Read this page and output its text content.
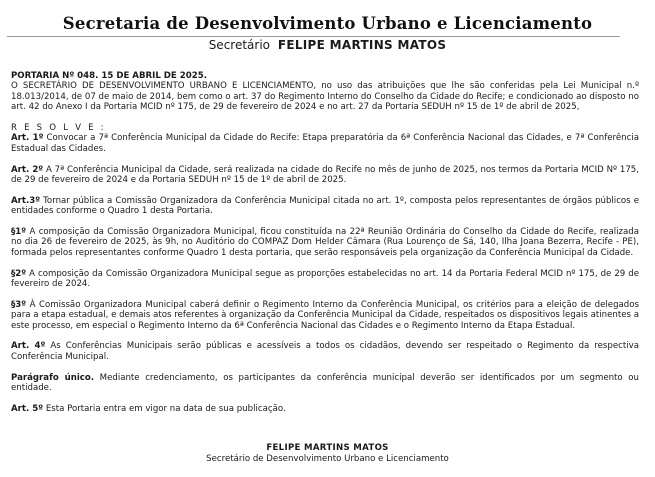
Secretaria de Desenvolvimento Urbano e Licenciamento
Secretário FELIPE MARTINS MATOS

PORTARIA Nº 048. 15 DE ABRIL DE 2025.

O SECRETÁRIO DE DESENVOLVIMENTO URBANO E LICENCIAMENTO, no uso das atribuições que lhe são conferidas pela Lei Municipal n.º 18.013/2014, de 07 de maio de 2014, bem como o art. 37 do Regimento Interno do Conselho da Cidade do Recife; e condicionado ao disposto no art. 42 do Anexo I da Portaria MCID nº 175, de 29 de fevereiro de 2024 e no art. 27 da Portaria SEDUH nº 15 de 1º de abril de 2025,

R E S O L V E :

Art. 1º Convocar a 7ª Conferência Municipal da Cidade do Recife: Etapa preparatória da 6ª Conferência Nacional das Cidades, e 7ª Conferência Estadual das Cidades.

Art. 2º A 7ª Conferência Municipal da Cidade, será realizada na cidade do Recife no mês de junho de 2025, nos termos da Portaria MCID Nº 175, de 29 de fevereiro de 2024 e da Portaria SEDUH nº 15 de 1º de abril de 2025.

Art.3º Tornar pública a Comissão Organizadora da Conferência Municipal citada no art. 1º, composta pelos representantes de órgãos públicos e entidades conforme o Quadro 1 desta Portaria.

§1º A composição da Comissão Organizadora Municipal, ficou constituída na 22ª Reunião Ordinária do Conselho da Cidade do Recife, realizada no dia 26 de fevereiro de 2025, às 9h, no Auditório do COMPAZ Dom Helder Câmara (Rua Lourenço de Sá, 140, Ilha Joana Bezerra, Recife - PE), formada pelos representantes conforme Quadro 1 desta portaria, que serão responsáveis pela organização da Conferência Municipal da Cidade.

§2º A composição da Comissão Organizadora Municipal segue as proporções estabelecidas no art. 14 da Portaria Federal MCID nº 175, de 29 de fevereiro de 2024.

§3º À Comissão Organizadora Municipal caberá definir o Regimento Interno da Conferência Municipal, os critérios para a eleição de delegados para a etapa estadual, e demais atos referentes à organização da Conferência Municipal da Cidade, respeitados os dispositivos legais atinentes a este processo, em especial o Regimento Interno da 6ª Conferência Nacional das Cidades e o Regimento Interno da Etapa Estadual.

Art. 4º As Conferências Municipais serão públicas e acessíveis a todos os cidadãos, devendo ser respeitado o Regimento da respectiva Conferência Municipal.

Parágrafo único. Mediante credenciamento, os participantes da conferência municipal deverão ser identificados por um segmento ou entidade.

Art. 5º Esta Portaria entra em vigor na data de sua publicação.

FELIPE MARTINS MATOS
Secretário de Desenvolvimento Urbano e Licenciamento
